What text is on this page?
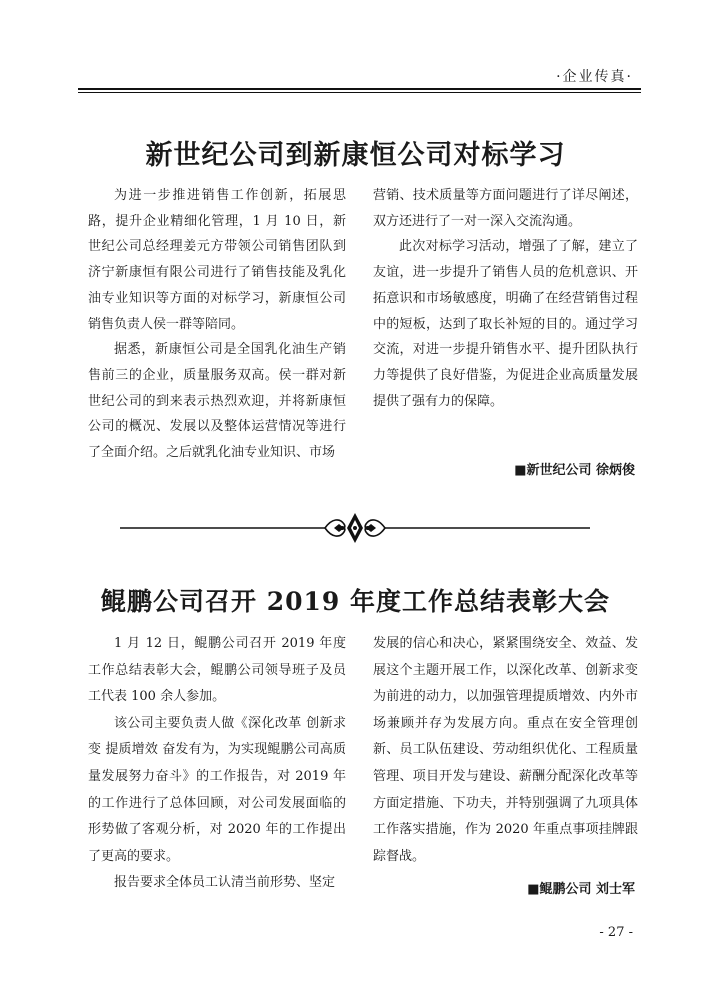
·企业传真·
新世纪公司到新康恒公司对标学习

为进一步推进销售工作创新，拓展思路，提升企业精细化管理，1 月 10 日，新世纪公司总经理姜元方带领公司销售团队到济宁新康恒有限公司进行了销售技能及乳化油专业知识等方面的对标学习，新康恒公司销售负责人侯一群等陪同。

据悉，新康恒公司是全国乳化油生产销售前三的企业，质量服务双高。侯一群对新世纪公司的到来表示热烈欢迎，并将新康恒公司的概况、发展以及整体运营情况等进行了全面介绍。之后就乳化油专业知识、市场

营销、技术质量等方面问题进行了详尽阐述，双方还进行了一对一深入交流沟通。

此次对标学习活动，增强了了解，建立了友谊，进一步提升了销售人员的危机意识、开拓意识和市场敏感度，明确了在经营销售过程中的短板，达到了取长补短的目的。通过学习交流，对进一步提升销售水平、提升团队执行力等提供了良好借鉴，为促进企业高质量发展提供了强有力的保障。

■新世纪公司 徐炳俊
鲲鹏公司召开 2019 年度工作总结表彰大会

1 月 12 日，鲲鹏公司召开 2019 年度工作总结表彰大会，鲲鹏公司领导班子及员工代表 100 余人参加。

该公司主要负责人做《深化改革 创新求变 提质增效 奋发有为，为实现鲲鹏公司高质量发展努力奋斗》的工作报告，对 2019 年的工作进行了总体回顾，对公司发展面临的形势做了客观分析，对 2020 年的工作提出了更高的要求。

报告要求全体员工认清当前形势、坚定

发展的信心和决心，紧紧围绕安全、效益、发展这个主题开展工作，以深化改革、创新求变为前进的动力，以加强管理提质增效、内外市场兼顾并存为发展方向。重点在安全管理创新、员工队伍建设、劳动组织优化、工程质量管理、项目开发与建设、薪酬分配深化改革等方面定措施、下功夫，并特别强调了九项具体工作落实措施，作为 2020 年重点事项挂牌跟踪督战。

■鲲鹏公司 刘士军
- 27 -
